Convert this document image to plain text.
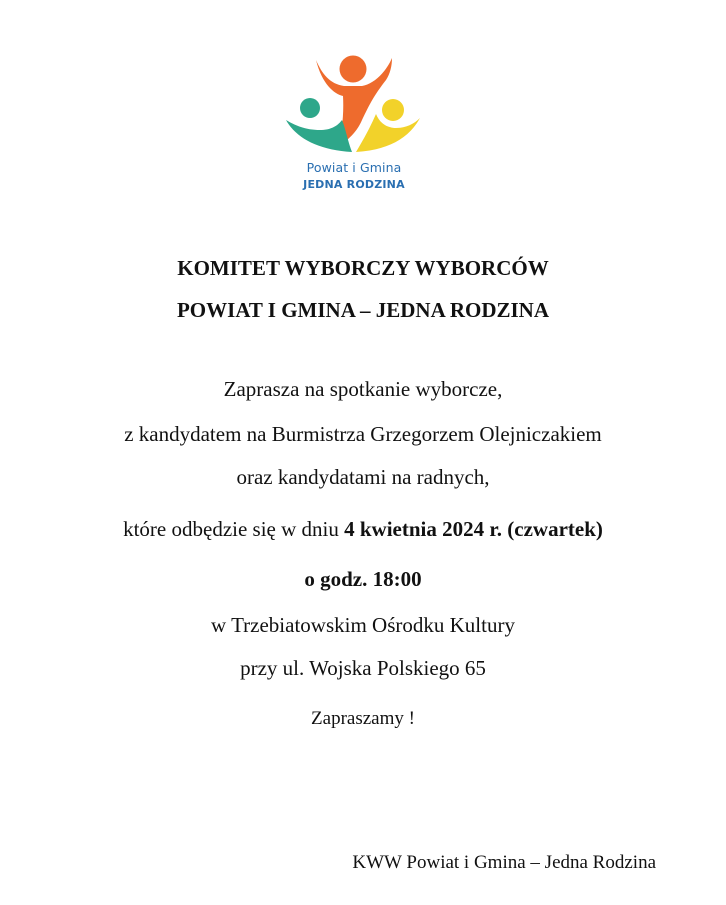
Powiat i Gmina
JEDNA RODZINA
KOMITET WYBORCZY WYBORCÓW
POWIAT I GMINA – JEDNA RODZINA
Zaprasza na spotkanie wyborcze,
z kandydatem na Burmistrza Grzegorzem Olejniczakiem
oraz kandydatami na radnych,
które odbędzie się w dniu 4 kwietnia 2024 r. (czwartek)
o godz. 18:00
w Trzebiatowskim Ośrodku Kultury
przy ul. Wojska Polskiego 65
Zapraszamy !
KWW Powiat i Gmina – Jedna Rodzina
